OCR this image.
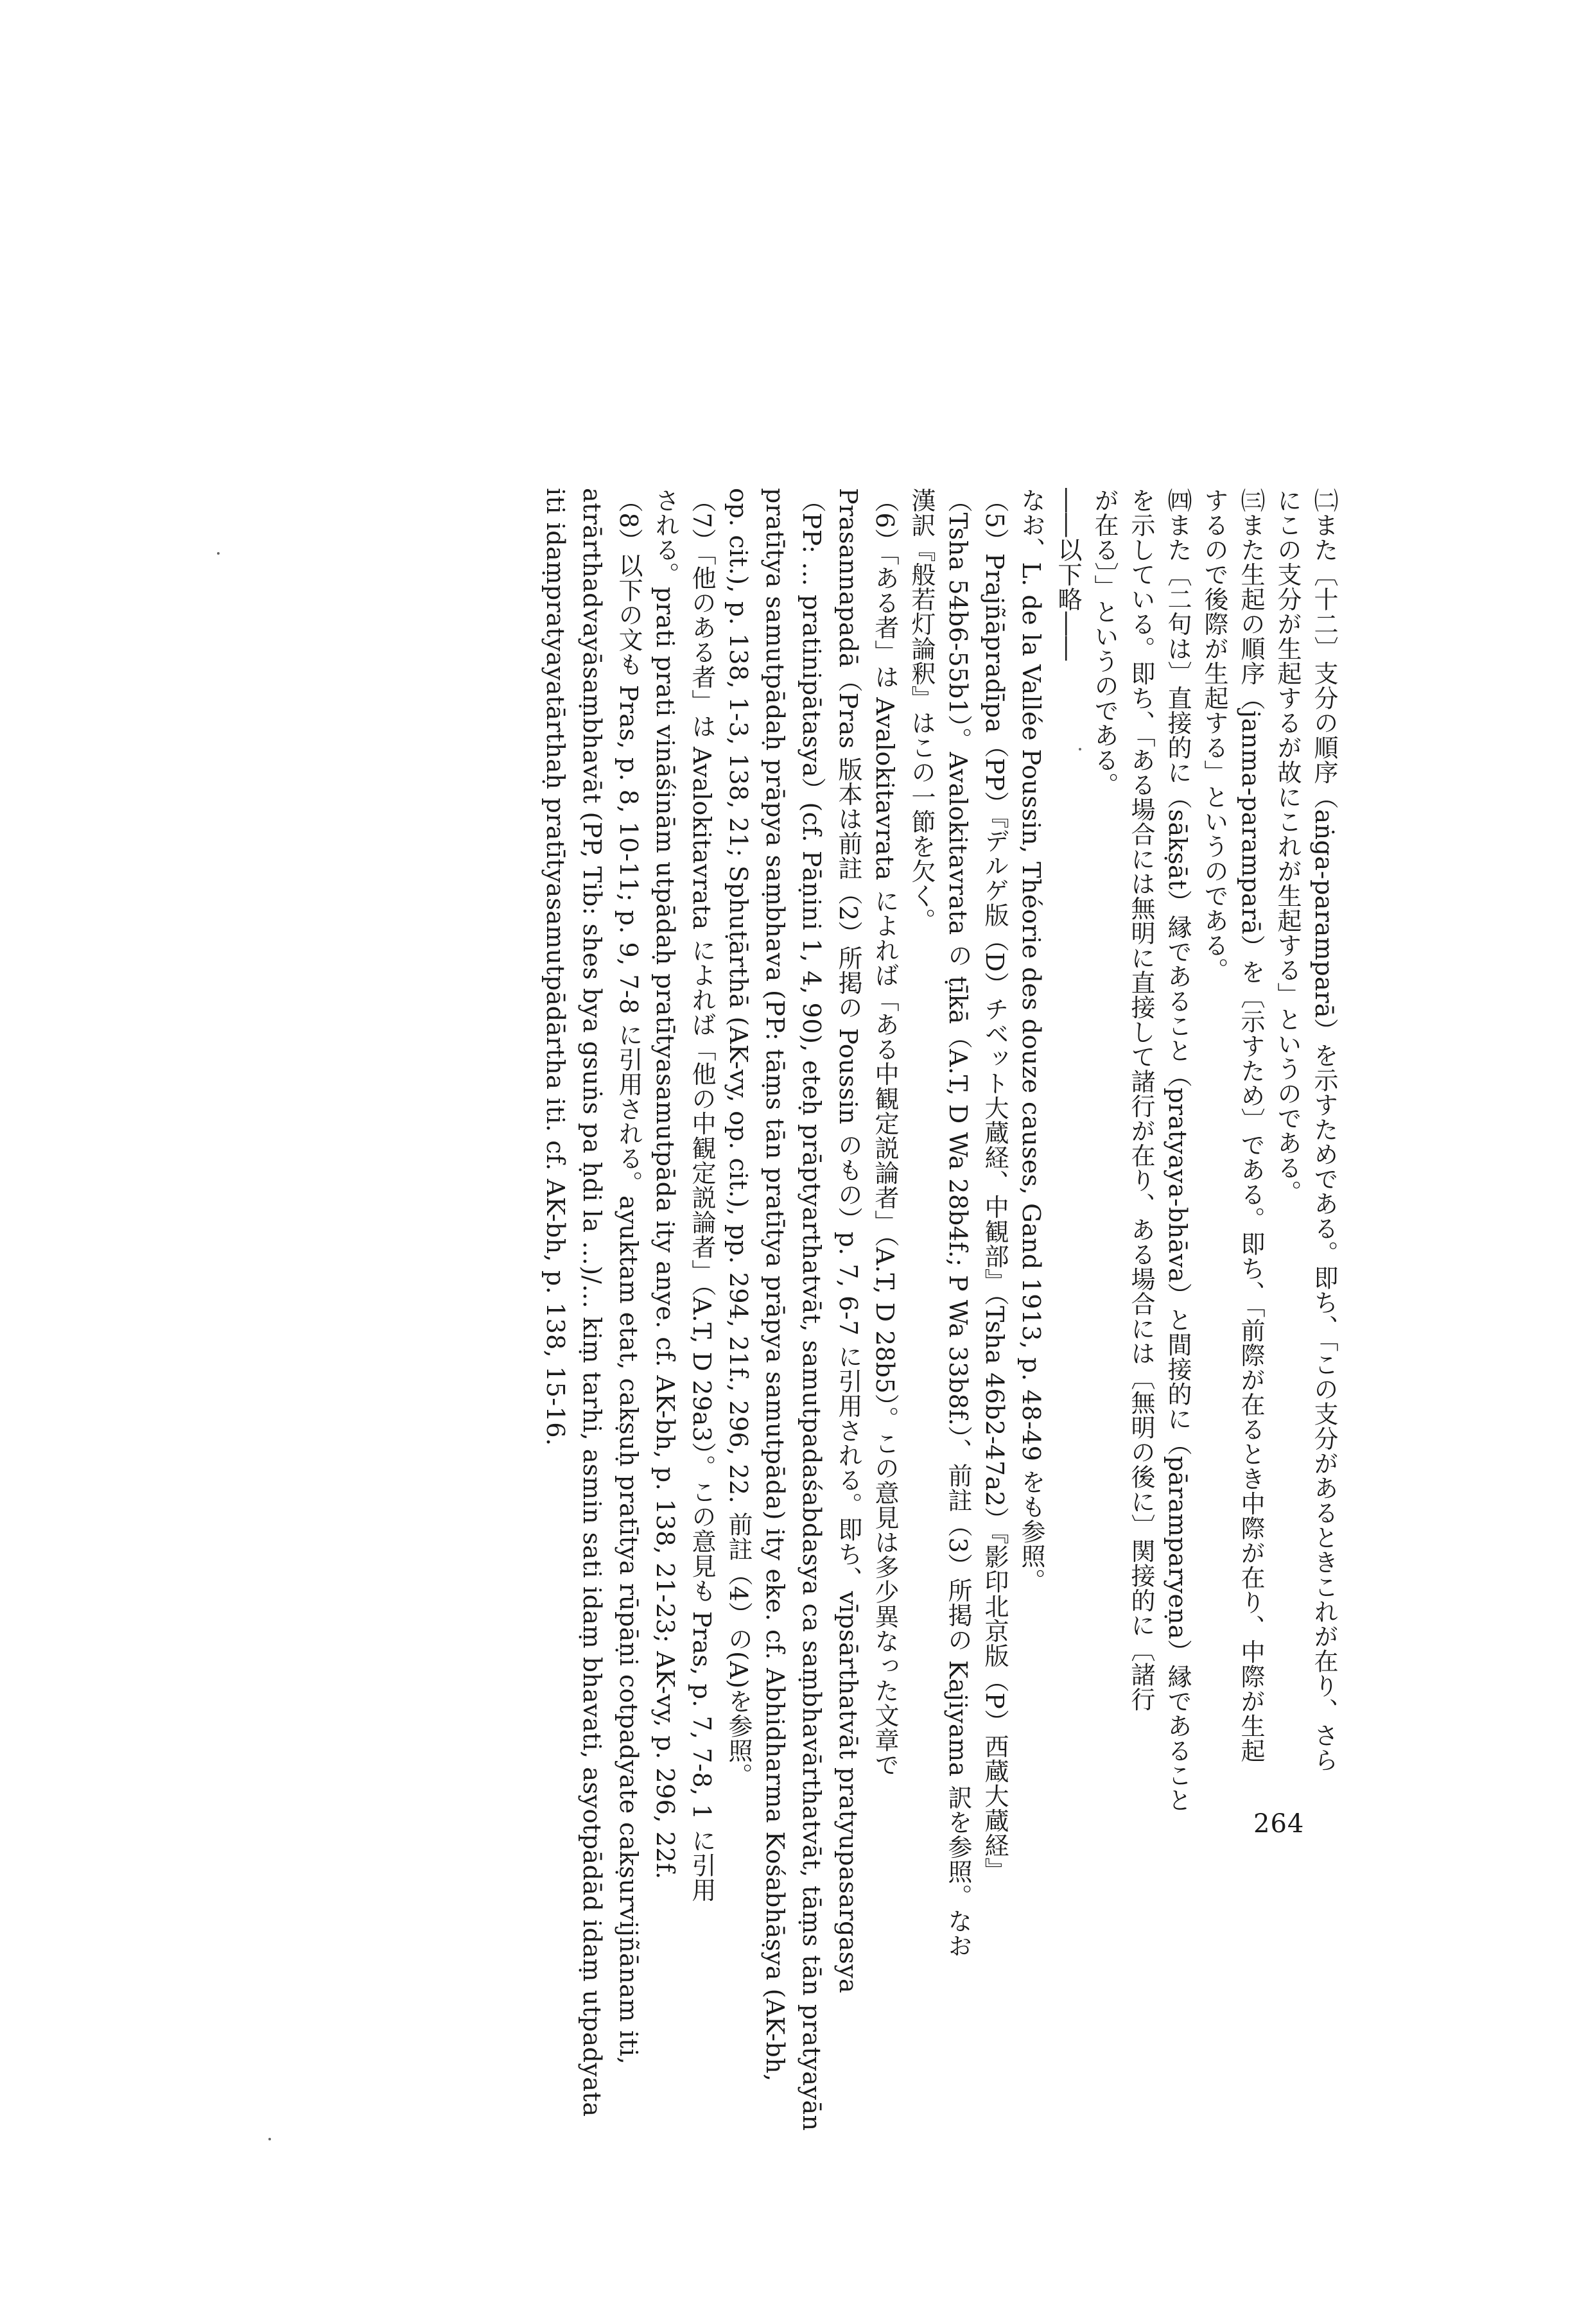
㈡また〔十二〕支分の順序（aṅga-paramparā）を示すためである。即ち、「この支分があるときこれが在り、さら
にこの支分が生起するが故にこれが生起する」というのである。
㈢また生起の順序（janma-paramparā）を〔示すため〕である。即ち、「前際が在るとき中際が在り、中際が生起
するので後際が生起する」というのである。
㈣また〔二句は〕直接的に（sākṣāt）縁であること（pratyaya-bhāva）と間接的に（pāramparyeṇa）縁であること
を示している。即ち、「ある場合には無明に直接して諸行が在り、ある場合には〔無明の後に〕関接的に〔諸行
が在る〕」というのである。
――以下略――
なお、L. de la Vallée Poussin, Théorie des douze causes, Gand 1913, p. 48-49 をも参照。
（5）Prajñāpradīpa（PP）『デルゲ版（D）チベット大蔵経、中観部』（Tsha 46b2-47a2）『影印北京版（P）西蔵大蔵経』
（Tsha 54b6-55b1）。Avalokitavrata の ṭīkā（A.T, D Wa 28b4f.; P Wa 33b8f.）、前註（3）所掲の Kajiyama 訳を参照。なお
漢訳『般若灯論釈』はこの一節を欠く。
（6）「ある者」は Avalokitavrata によれば「ある中観定説論者」（A.T, D 28b5）。この意見は多少異なった文章で
Prasannapadā（Pras 版本は前註（2）所掲の Poussin のもの）p. 7, 6-7 に引用される。即ち、vīpsārthatvāt pratyupasargasya
（PP: … pratinipātasya）(cf. Pāṇini 1, 4, 90), eteḥ prāptyarthatvāt, samutpadaśabdasya ca saṃbhavārthatvāt, tāṃs tān pratyayān
pratītya samutpādaḥ prāpya saṃbhava (PP: tāṃs tān pratītya prāpya samutpāda) ity eke. cf. Abhidharma Kośabhāṣya (AK-bh,
op. cit.), p. 138, 1-3, 138, 21; Sphuṭārthā (AK-vy, op. cit.), pp. 294, 21f., 296, 22. 前註（4）の(A)を参照。
（7）「他のある者」は Avalokitavrata によれば「他の中観定説論者」（A.T, D 29a3）。この意見も Pras, p. 7, 7-8, 1 に引用
される。prati prati vināśinām utpādaḥ pratītyasamutpāda ity anye. cf. AK-bh, p. 138, 21-23; AK-vy, p. 296, 22f.
（8）以下の文も Pras, p. 8, 10-11; p. 9, 7-8 に引用される。ayuktam etat, cakṣuḥ pratītya rūpāṇi cotpadyate cakṣurvijñānam iti,
atrārthadvayāsaṃbhavāt (PP, Tib: shes bya gsuṅs pa ḥdi la …)/… kiṃ tarhi, asmin sati idaṃ bhavati, asyotpādād idaṃ utpadyata
iti idaṃpratyayatārthaḥ pratītyasamutpādārtha iti. cf. AK-bh, p. 138, 15-16.
264
